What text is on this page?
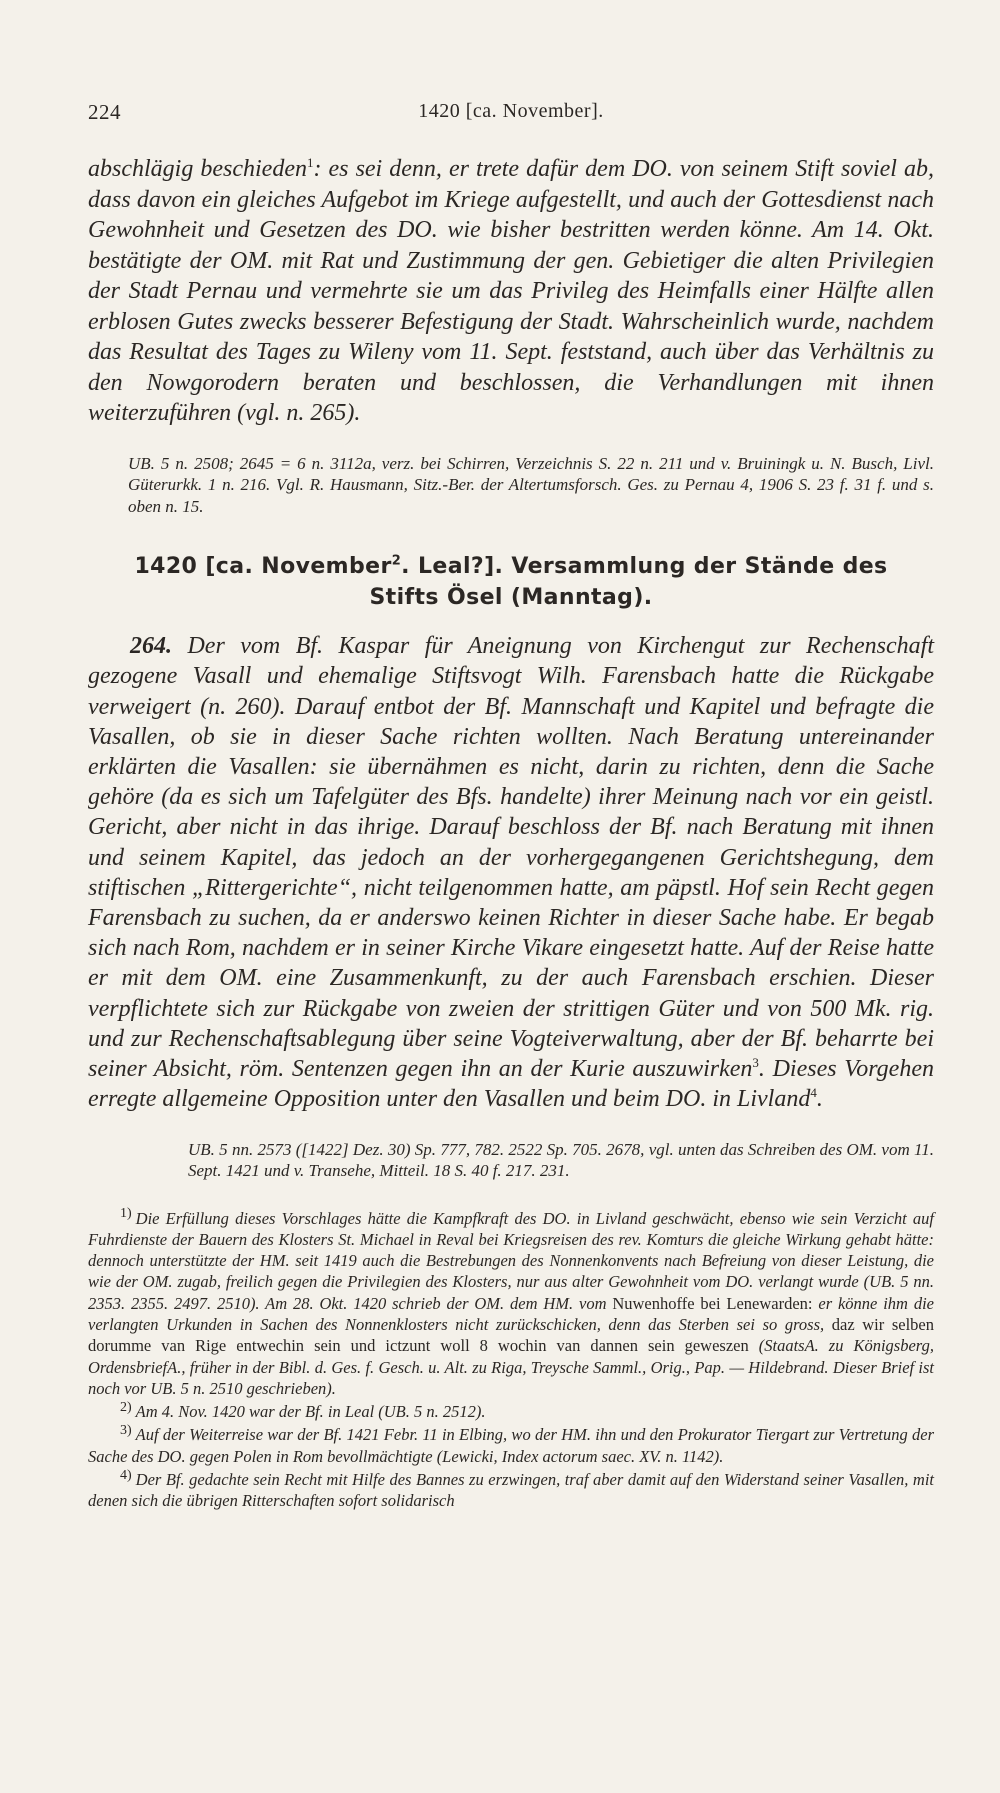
224	1420 [ca. November].

abschlägig beschieden$^1$: es sei denn, er trete dafür dem DO. von seinem Stift soviel ab, dass davon ein gleiches Aufgebot im Kriege aufgestellt, und auch der Gottesdienst nach Gewohnheit und Gesetzen des DO. wie bisher bestritten werden könne. Am 14. Okt. bestätigte der OM. mit Rat und Zustimmung der gen. Gebietiger die alten Privilegien der Stadt Pernau und vermehrte sie um das Privileg des Heimfalls einer Hälfte allen erblosen Gutes zwecks besserer Befestigung der Stadt. Wahrscheinlich wurde, nachdem das Resultat des Tages zu Wileny vom 11. Sept. feststand, auch über das Verhältnis zu den Nowgorodern beraten und beschlossen, die Verhandlungen mit ihnen weiterzuführen (vgl. n. 265).

UB. 5 n. 2508; 2645 = 6 n. 3112a, verz. bei Schirren, Verzeichnis S. 22 n. 211 und v. Bruiningk u. N. Busch, Livl. Güterurkk. 1 n. 216. Vgl. R. Hausmann, Sitz.-Ber. der Altertumsforsch. Ges. zu Pernau 4, 1906 S. 23 f. 31 f. und s. oben n. 15.

1420 [ca. November$^2$. Leal?]. Versammlung der Stände des Stifts Ösel (Manntag).

264. Der vom Bf. Kaspar für Aneignung von Kirchengut zur Rechenschaft gezogene Vasall und ehemalige Stiftsvogt Wilh. Farensbach hatte die Rückgabe verweigert (n. 260). Darauf entbot der Bf. Mannschaft und Kapitel und befragte die Vasallen, ob sie in dieser Sache richten wollten. Nach Beratung untereinander erklärten die Vasallen: sie übernähmen es nicht, darin zu richten, denn die Sache gehöre (da es sich um Tafelgüter des Bfs. handelte) ihrer Meinung nach vor ein geistl. Gericht, aber nicht in das ihrige. Darauf beschloss der Bf. nach Beratung mit ihnen und seinem Kapitel, das jedoch an der vorhergegangenen Gerichtshegung, dem stiftischen „Rittergerichte“, nicht teilgenommen hatte, am päpstl. Hof sein Recht gegen Farensbach zu suchen, da er anderswo keinen Richter in dieser Sache habe. Er begab sich nach Rom, nachdem er in seiner Kirche Vikare eingesetzt hatte. Auf der Reise hatte er mit dem OM. eine Zusammenkunft, zu der auch Farensbach erschien. Dieser verpflichtete sich zur Rückgabe von zweien der strittigen Güter und von 500 Mk. rig. und zur Rechenschaftsablegung über seine Vogteiverwaltung, aber der Bf. beharrte bei seiner Absicht, röm. Sentenzen gegen ihn an der Kurie auszuwirken$^3$. Dieses Vorgehen erregte allgemeine Opposition unter den Vasallen und beim DO. in Livland$^4$.

UB. 5 nn. 2573 ([1422] Dez. 30) Sp. 777, 782. 2522 Sp. 705. 2678, vgl. unten das Schreiben des OM. vom 11. Sept. 1421 und v. Transehe, Mitteil. 18 S. 40 f. 217. 231.

$^{1)}$ Die Erfüllung dieses Vorschlages hätte die Kampfkraft des DO. in Livland geschwächt, ebenso wie sein Verzicht auf Fuhrdienste der Bauern des Klosters St. Michael in Reval bei Kriegsreisen des rev. Komturs die gleiche Wirkung gehabt hätte: dennoch unterstützte der HM. seit 1419 auch die Bestrebungen des Nonnenkonvents nach Befreiung von dieser Leistung, die wie der OM. zugab, freilich gegen die Privilegien des Klosters, nur aus alter Gewohnheit vom DO. verlangt wurde (UB. 5 nn. 2353. 2355. 2497. 2510). Am 28. Okt. 1420 schrieb der OM. dem HM. vom Nuwenhoffe bei Lenewarden: er könne ihm die verlangten Urkunden in Sachen des Nonnenklosters nicht zurückschicken, denn das Sterben sei so gross, daz wir selben dorumme van Rige entwechin sein und ictzunt woll 8 wochin van dannen sein geweszen (StaatsA. zu Königsberg, OrdensbriefA., früher in der Bibl. d. Ges. f. Gesch. u. Alt. zu Riga, Treysche Samml., Orig., Pap. — Hildebrand. Dieser Brief ist noch vor UB. 5 n. 2510 geschrieben).

$^{2)}$ Am 4. Nov. 1420 war der Bf. in Leal (UB. 5 n. 2512).

$^{3)}$ Auf der Weiterreise war der Bf. 1421 Febr. 11 in Elbing, wo der HM. ihn und den Prokurator Tiergart zur Vertretung der Sache des DO. gegen Polen in Rom bevollmächtigte (Lewicki, Index actorum saec. XV. n. 1142).

$^{4)}$ Der Bf. gedachte sein Recht mit Hilfe des Bannes zu erzwingen, traf aber damit auf den Widerstand seiner Vasallen, mit denen sich die übrigen Ritterschaften sofort solidarisch
